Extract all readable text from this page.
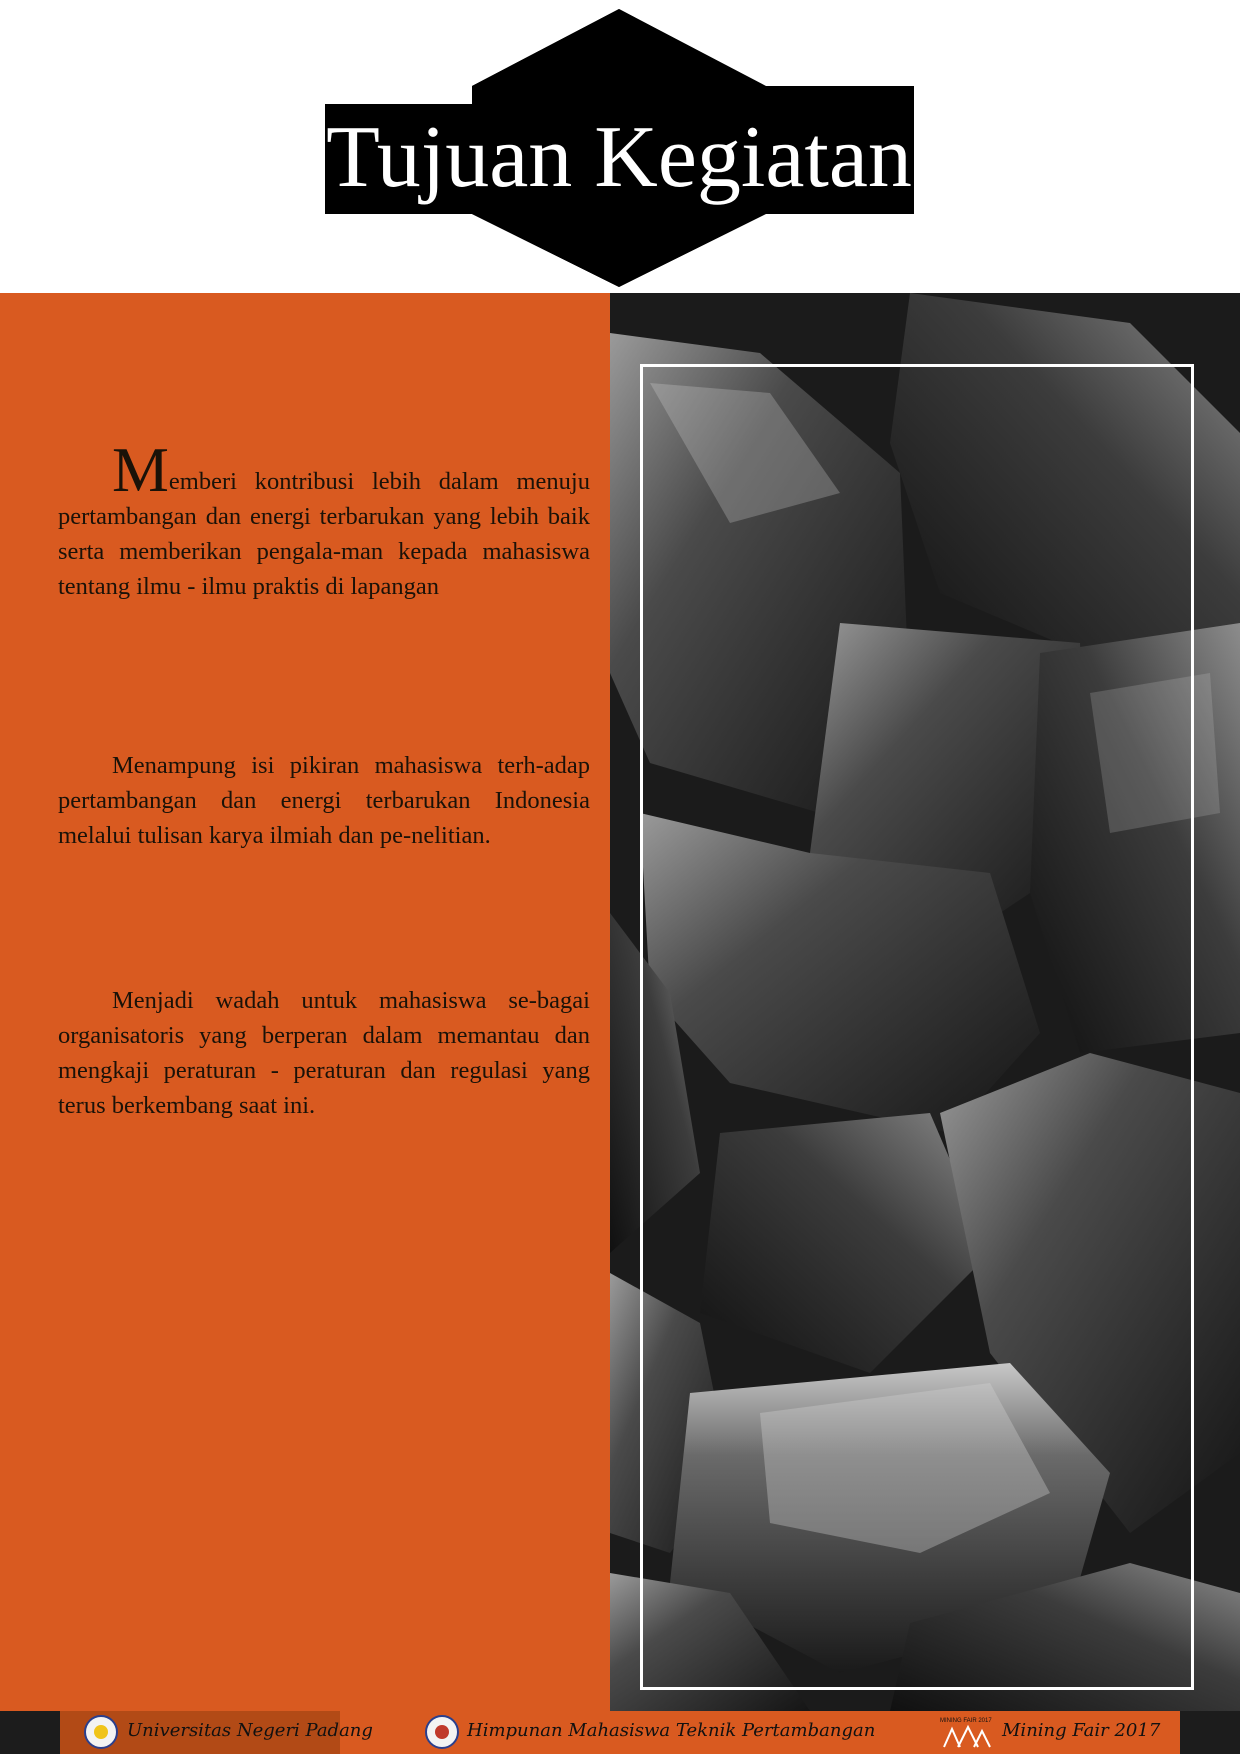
Tujuan Kegiatan

Memberi kontribusi lebih dalam menuju pertambangan dan energi terbarukan yang lebih baik serta memberikan pengala-man kepada mahasiswa tentang ilmu - ilmu praktis di lapangan

Menampung isi pikiran mahasiswa terh-adap pertambangan dan energi terbarukan Indonesia melalui tulisan karya ilmiah dan pe-nelitian.

Menjadi wadah untuk mahasiswa se-bagai organisatoris yang berperan dalam memantau dan mengkaji peraturan - peraturan dan regulasi yang terus berkembang saat ini.

Universitas Negeri Padang	Himpunan Mahasiswa Teknik Pertambangan	MINING FAIR 2017 Mining Fair 2017
